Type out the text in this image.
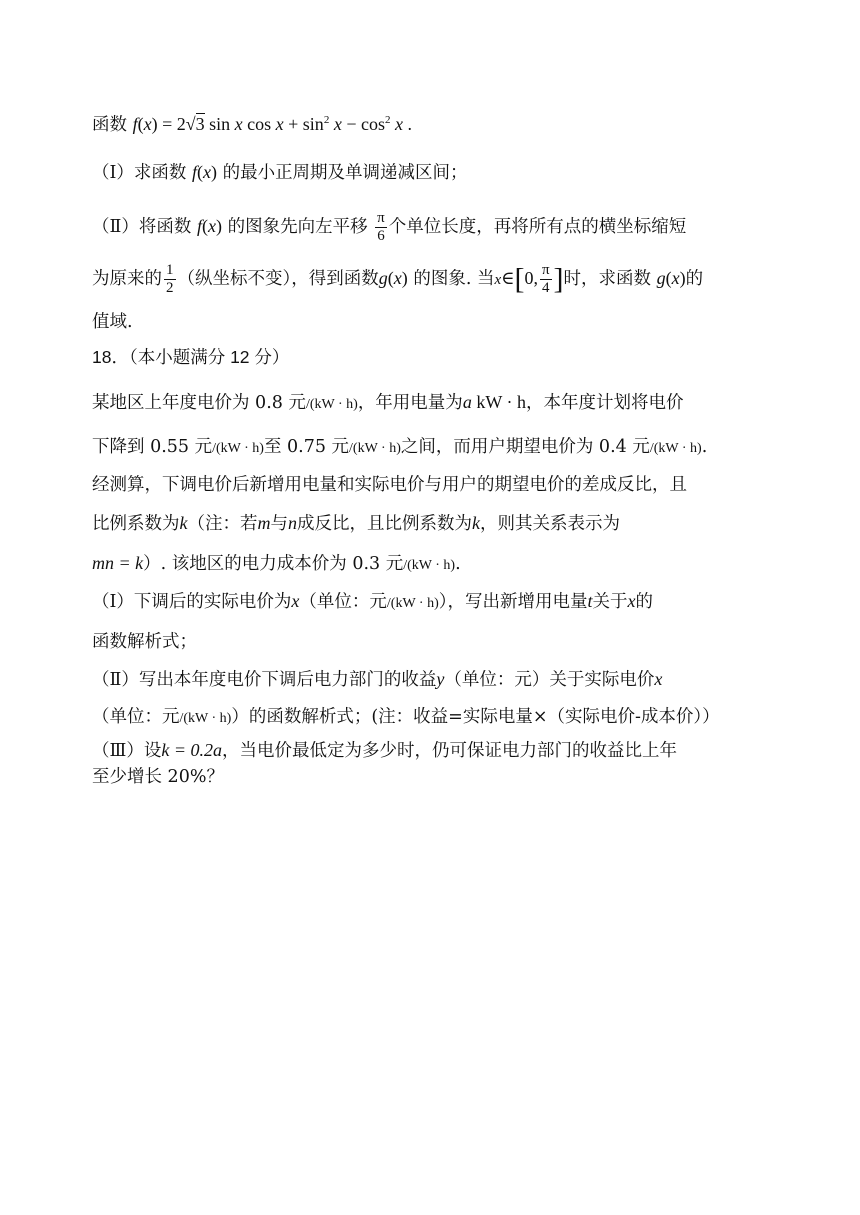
函数 f(x) = 2√3 sin x $\cos x + \sin^2 x - \cos^2 x$ .
（Ⅰ）求函数 f(x) 的最小正周期及单调递减区间；
（Ⅱ）将函数 f(x) 的图象先向左平移 $\frac{\pi}{6}$ 个单位长度，再将所有点的横坐标缩短
为原来的 $\frac{1}{2}$ （纵坐标不变），得到函数g(x) 的图象. 当x∈[0, $\frac{\pi}{4}$ ]时，求函数 g(x)的
值域.
18．（本小题满分 12 分）
某地区上年度电价为 0.8 元/(kW · h)，年用电量为a kW · h，本年度计划将电价
下降到 0.55 元/(kW · h)至 0.75 元/(kW · h)之间，而用户期望电价为 0.4 元/(kW · h).
经测算，下调电价后新增用电量和实际电价与用户的期望电价的差成反比，且
比例系数为k（注：若m与n成反比，且比例系数为k，则其关系表示为
mn = k）. 该地区的电力成本价为 0.3 元/(kW · h).
（Ⅰ）下调后的实际电价为x（单位：元/(kW · h)），写出新增用电量t关于x的
函数解析式；
（Ⅱ）写出本年度电价下调后电力部门的收益y（单位：元）关于实际电价x
（单位：元/(kW · h)）的函数解析式；(注：收益=实际电量×（实际电价-成本价））
（Ⅲ）设k = 0.2a，当电价最低定为多少时，仍可保证电力部门的收益比上年
至少增长 20%？
